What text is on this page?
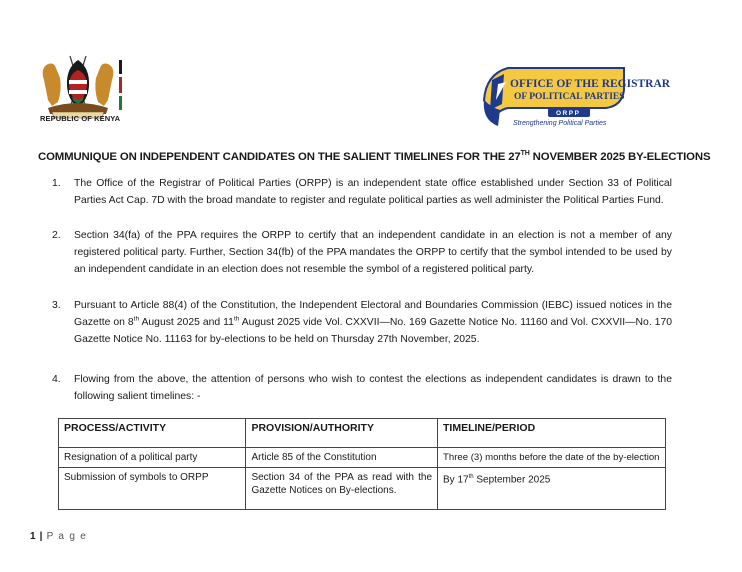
REPUBLIC OF KENYA
OFFICE OF THE REGISTRAR
OF POLITICAL PARTIES
ORPP
Strengthening Political Parties
COMMUNIQUE ON INDEPENDENT CANDIDATES ON THE SALIENT TIMELINES FOR THE 27TH NOVEMBER 2025 BY-ELECTIONS
1. The Office of the Registrar of Political Parties (ORPP) is an independent state office established under Section 33 of Political Parties Act Cap. 7D with the broad mandate to register and regulate political parties as well administer the Political Parties Fund.
2. Section 34(fa) of the PPA requires the ORPP to certify that an independent candidate in an election is not a member of any registered political party. Further, Section 34(fb) of the PPA mandates the ORPP to certify that the symbol intended to be used by an independent candidate in an election does not resemble the symbol of a registered political party.
3. Pursuant to Article 88(4) of the Constitution, the Independent Electoral and Boundaries Commission (IEBC) issued notices in the Gazette on 8th August 2025 and 11th August 2025 vide Vol. CXXVII—No. 169 Gazette Notice No. 11160 and Vol. CXXVII—No. 170 Gazette Notice No. 11163 for by-elections to be held on Thursday 27th November, 2025.
4. Flowing from the above, the attention of persons who wish to contest the elections as independent candidates is drawn to the following salient timelines: -
PROCESS/ACTIVITY	PROVISION/AUTHORITY	TIMELINE/PERIOD
Resignation of a political party	Article 85 of the Constitution	Three (3) months before the date of the by-election
Submission of symbols to ORPP	Section 34 of the PPA as read with the Gazette Notices on By-elections.	By 17th September 2025
1 | P a g e
